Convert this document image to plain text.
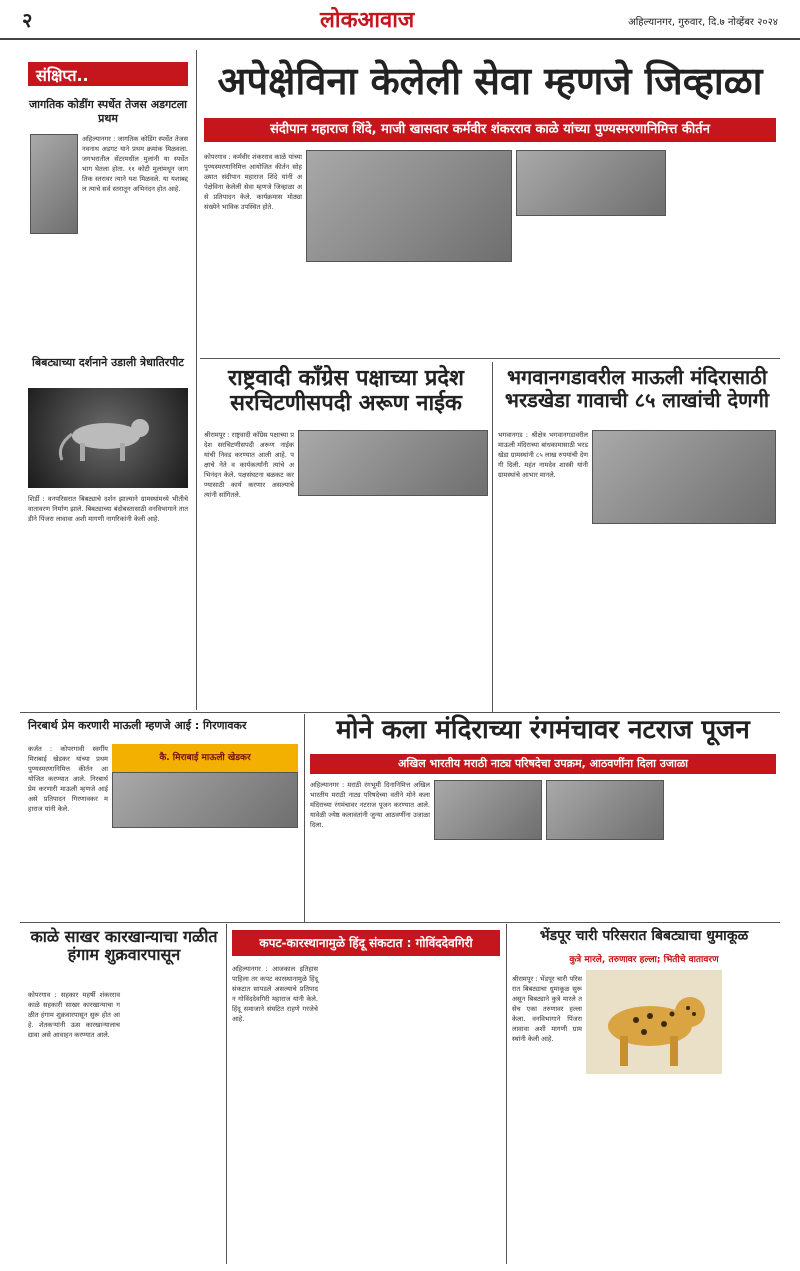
२	लोकआवाज	अहिल्यानगर, गुरुवार, दि.७ नोव्हेंबर २०२४
संक्षिप्त..
जागतिक कोडींग स्पर्धेत तेजस अडगटला प्रथम
अहिल्यानगर : जागतिक कोडिंग स्पर्धेत तेजस नवनाथ अडगट याने प्रथम क्रमांक मिळवला. जगभरातील सेंटरमधील मुलांनी या स्पर्धेत भाग घेतला होता. ११ कोटी मुलांमधून जागतिक स्तरावर त्याने यश मिळवले. या यशाबद्दल त्याचे सर्व स्तरातून अभिनंदन होत आहे.
बिबट्याच्या दर्शनाने उडाली त्रेधातिरपीट
शिर्डी : वनपरिसरात बिबट्याचे दर्शन झाल्याने ग्रामस्थांमध्ये भीतीचे वातावरण निर्माण झाले. बिबट्याच्या बंदोबस्तासाठी वनविभागाने तातडीने पिंजरा लावावा अशी मागणी नागरिकांनी केली आहे.
अपेक्षेविना केलेली सेवा म्हणजे जिव्हाळा
संदीपान महाराज शिंदे, माजी खासदार कर्मवीर शंकरराव काळे यांच्या पुण्यस्मरणानिमित्त कीर्तन
कोपरगाव : कर्मवीर शंकरराव काळे यांच्या पुण्यस्मरणानिमित्त आयोजित कीर्तन सोहळ्यात संदीपान महाराज शिंदे यांनी अपेक्षेविना केलेली सेवा म्हणजे जिव्हाळा असे प्रतिपादन केले. कार्यक्रमास मोठ्या संख्येने भाविक उपस्थित होते.
राष्ट्रवादी काँग्रेस पक्षाच्या प्रदेश सरचिटणीसपदी अरूण नाईक
श्रीरामपूर : राष्ट्रवादी काँग्रेस पक्षाच्या प्रदेश सरचिटणीसपदी अरूण नाईक यांची निवड करण्यात आली आहे. पक्षाचे नेते व कार्यकर्त्यांनी त्यांचे अभिनंदन केले. पक्षसंघटना बळकट करण्यासाठी कार्य करणार असल्याचे त्यांनी सांगितले.
भगवानगडावरील माऊली मंदिरासाठी भरडखेडा गावाची ८५ लाखांची देणगी
भगवानगड : श्रीक्षेत्र भगवानगडावरील माऊली मंदिराच्या बांधकामासाठी भरडखेडा ग्रामस्थांनी ८५ लाख रुपयांची देणगी दिली. महंत नामदेव शास्त्री यांनी ग्रामस्थांचे आभार मानले.
निरबार्थ प्रेम करणारी माऊली म्हणजे आई : गिरणावकर
कर्जत : कोपरगावी स्वर्गीय मिराबाई खेडकर यांच्या प्रथम पुण्यस्मरणानिमित्त कीर्तन आयोजित करण्यात आले. निरबार्थ प्रेम करणारी माऊली म्हणजे आई असे प्रतिपादन गिरणावकर महाराज यांनी केले.
कै. मिराबाई माऊली खेडकर
मोने कला मंदिराच्या रंगमंचावर नटराज पूजन
अखिल भारतीय मराठी नाट्य परिषदेचा उपक्रम, आठवणींना दिला उजाळा
अहिल्यानगर : मराठी रंगभूमी दिनानिमित्त अखिल भारतीय मराठी नाट्य परिषदेच्या वतीने मोने कला मंदिराच्या रंगमंचावर नटराज पूजन करण्यात आले. यावेळी ज्येष्ठ कलावंतांनी जुन्या आठवणींना उजाळा दिला.
काळे साखर कारखान्याचा गळीत हंगाम शुक्रवारपासून
कोपरगाव : सहकार महर्षी शंकरराव काळे सहकारी साखर कारखान्याचा गळीत हंगाम शुक्रवारपासून सुरू होत आहे. शेतकऱ्यांनी ऊस कारखान्यालाच द्यावा असे आवाहन करण्यात आले.
कपट-कारस्थानामुळे हिंदू संकटात : गोविंददेवगिरी
अहिल्यानगर : आजकाल इतिहास पाहिला तर कपट कारस्थानामुळे हिंदू संकटात सापडले असल्याचे प्रतिपादन गोविंददेवगिरी महाराज यांनी केले. हिंदू समाजाने संघटित राहणे गरजेचे आहे.
भेंडपूर चारी परिसरात बिबट्याचा धुमाकूळ
कुत्रे मारले, तरुणावर हल्ला; भितीचे वातावरण
श्रीरामपूर : भेंडपूर चारी परिसरात बिबट्याचा धुमाकूळ सुरू असून बिबट्याने कुत्रे मारले तसेच एका तरुणावर हल्ला केला. वनविभागाने पिंजरा लावावा अशी मागणी ग्रामस्थांनी केली आहे.
